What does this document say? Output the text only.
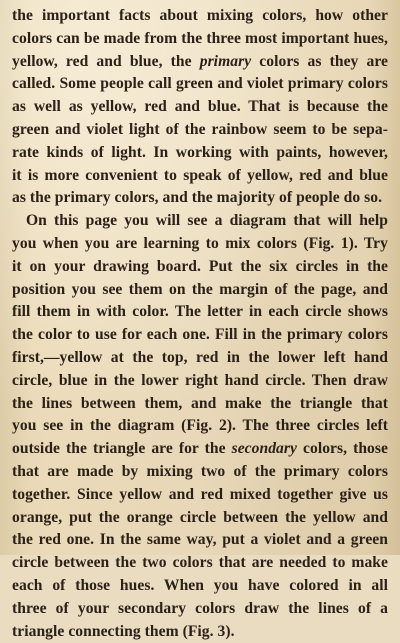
the important facts about mixing colors, how other
colors can be made from the three most important hues,
yellow, red and blue, the primary colors as they are
called. Some people call green and violet primary colors
as well as yellow, red and blue. That is because the
green and violet light of the rainbow seem to be sepa-
rate kinds of light. In working with paints, however,
it is more convenient to speak of yellow, red and blue
as the primary colors, and the majority of people do so.
On this page you will see a diagram that will help
you when you are learning to mix colors (Fig. 1). Try
it on your drawing board. Put the six circles in the
position you see them on the margin of the page, and
fill them in with color. The letter in each circle shows
the color to use for each one. Fill in the primary colors
first,—yellow at the top, red in the lower left hand
circle, blue in the lower right hand circle. Then draw
the lines between them, and make the triangle that
you see in the diagram (Fig. 2). The three circles left
outside the triangle are for the secondary colors, those
that are made by mixing two of the primary colors
together. Since yellow and red mixed together give us
orange, put the orange circle between the yellow and
the red one. In the same way, put a violet and a green
circle between the two colors that are needed to make
each of those hues. When you have colored in all
three of your secondary colors draw the lines of a
triangle connecting them (Fig. 3).
